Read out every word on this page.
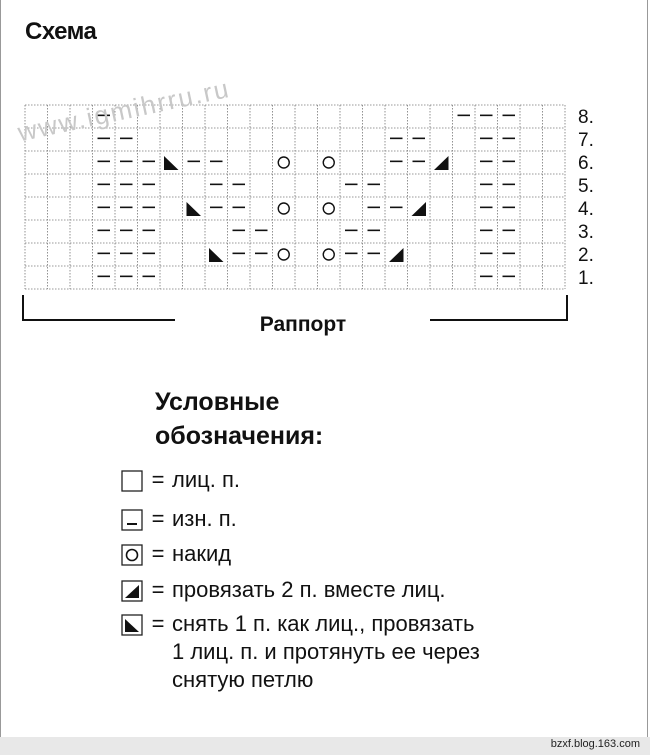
Схема
8.
7.
6.
5.
4.
3.
2.
1.
www.igmihrru.ru
Раппорт
Условные
обозначения:
= лиц. п.
= изн. п.
= накид
= провязать 2 п. вместе лиц.
= снять 1 п. как лиц., провязать
1 лиц. п. и протянуть ее через
снятую петлю
bzxf.blog.163.com
